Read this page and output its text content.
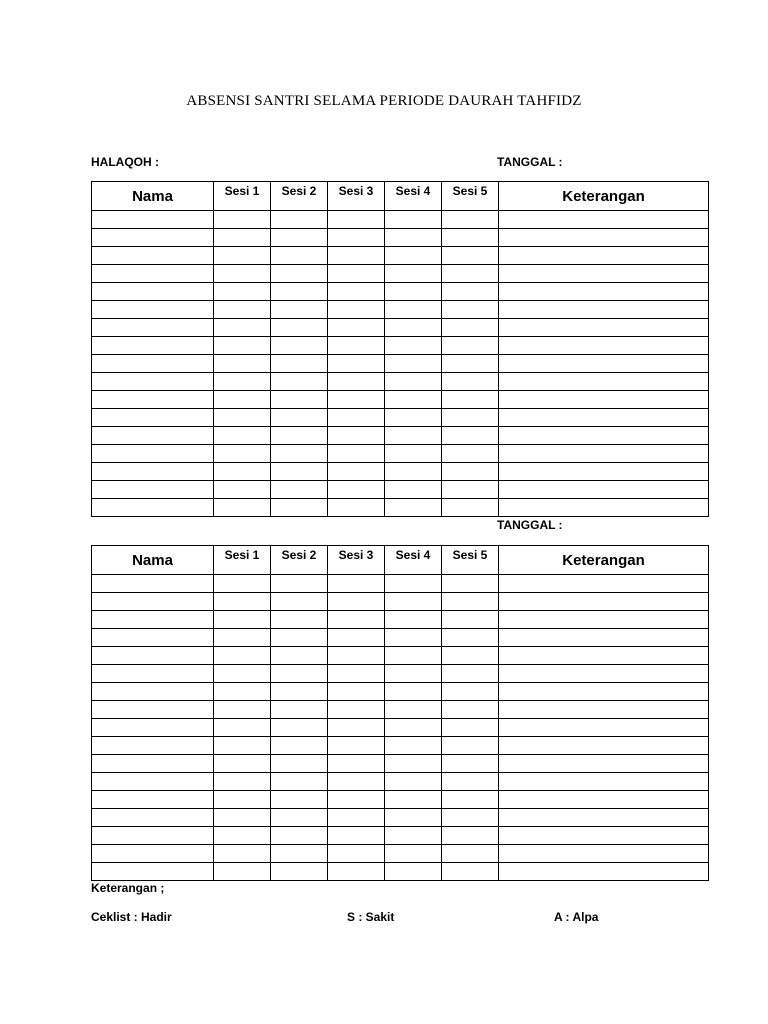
ABSENSI SANTRI SELAMA PERIODE DAURAH TAHFIDZ
HALAQOH :	TANGGAL :
Nama	Sesi 1	Sesi 2	Sesi 3	Sesi 4	Sesi 5	Keterangan

TANGGAL :
Nama	Sesi 1	Sesi 2	Sesi 3	Sesi 4	Sesi 5	Keterangan

Keterangan ;
Ceklist : Hadir	S : Sakit	A : Alpa
